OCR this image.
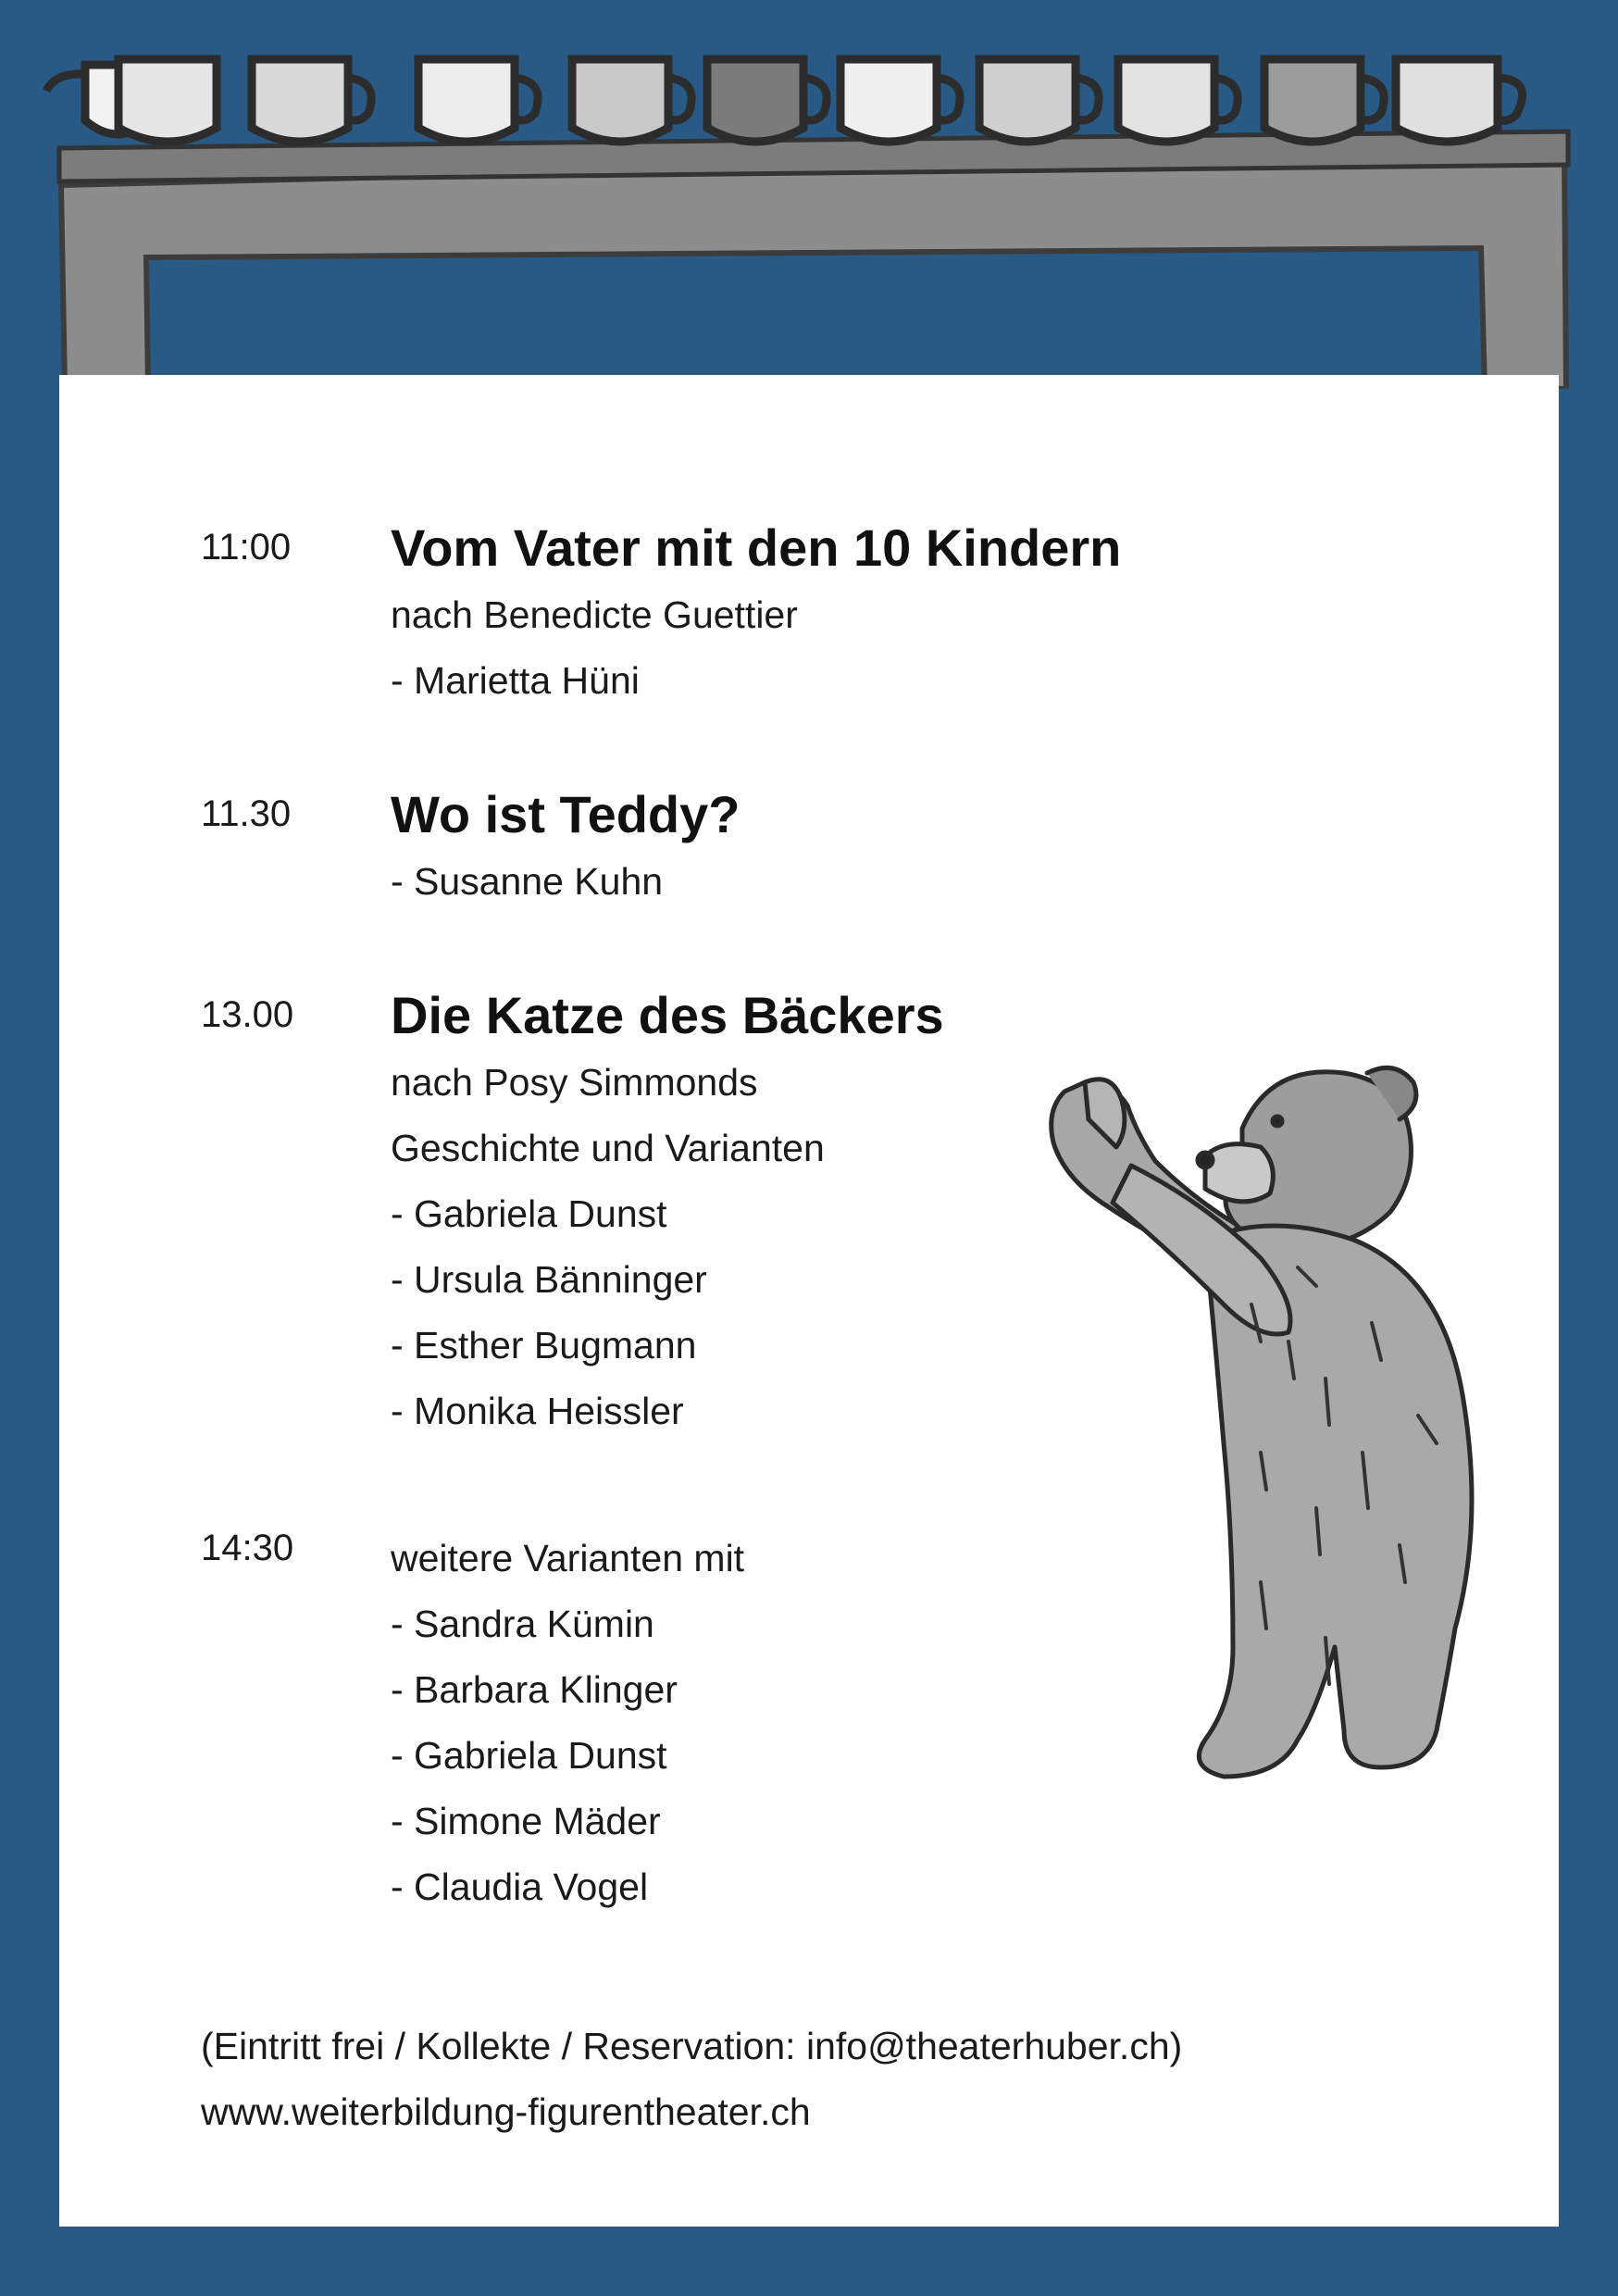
11:00 Vom Vater mit den 10 Kindern
nach Benedicte Guettier
- Marietta Hüni
11.30 Wo ist Teddy?
- Susanne Kuhn
13.00 Die Katze des Bäckers
nach Posy Simmonds
Geschichte und Varianten
- Gabriela Dunst
- Ursula Bänninger
- Esther Bugmann
- Monika Heissler
14:30	weitere Varianten mit
- Sandra Kümin
- Barbara Klinger
- Gabriela Dunst
- Simone Mäder
- Claudia Vogel
(Eintritt frei / Kollekte / Reservation: info@theaterhuber.ch)
www.weiterbildung-figurentheater.ch
